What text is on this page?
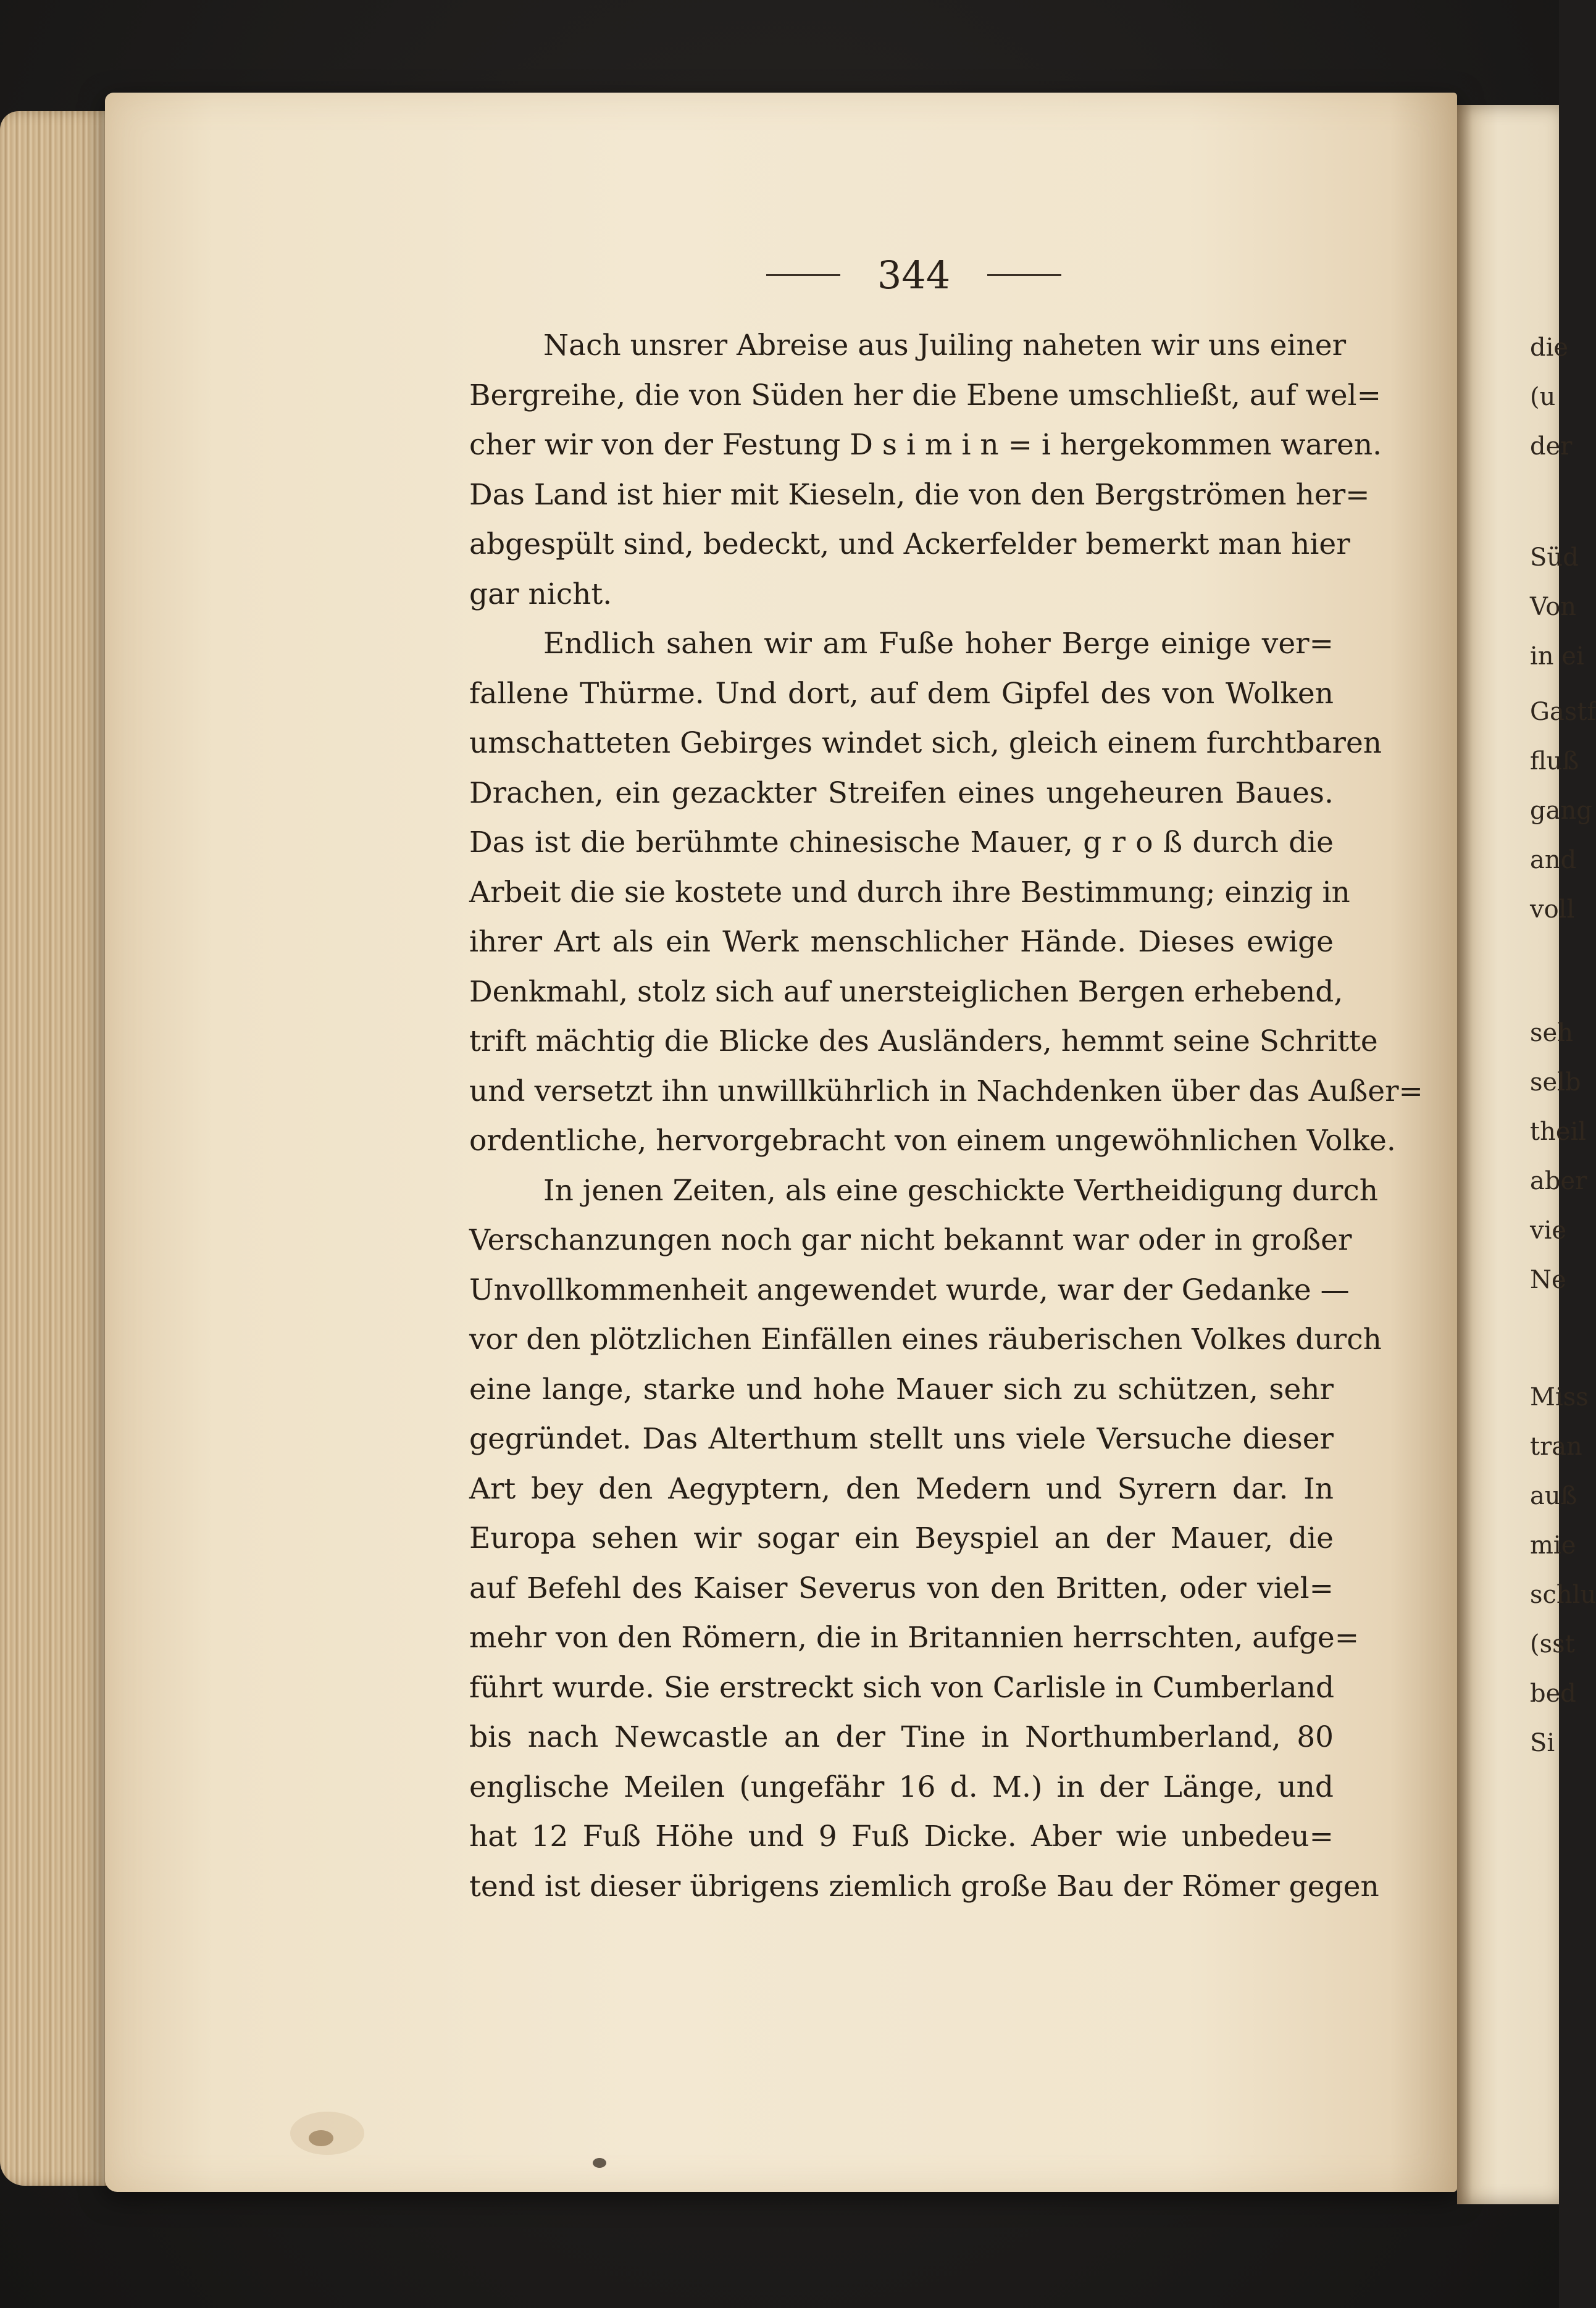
die
(u
der
Süd
Von
in ei
Gastf
fluß
gang
and
voll
seh
selb
theil
aber
vie
Ne
Miss
tran
auß
mie
schlu
(sst
bed
Si
344
Nach unsrer Abreise aus Juiling naheten wir uns einer
Bergreihe, die von Süden her die Ebene umschließt, auf wel=
cher wir von der Festung D s i m i n = i hergekommen waren.
Das Land ist hier mit Kieseln, die von den Bergströmen her=
abgespült sind, bedeckt, und Ackerfelder bemerkt man hier
gar nicht.
Endlich sahen wir am Fuße hoher Berge einige ver=
fallene Thürme. Und dort, auf dem Gipfel des von Wolken
umschatteten Gebirges windet sich, gleich einem furchtbaren
Drachen, ein gezackter Streifen eines ungeheuren Baues.
Das ist die berühmte chinesische Mauer, g r o ß durch die
Arbeit die sie kostete und durch ihre Bestimmung; einzig in
ihrer Art als ein Werk menschlicher Hände. Dieses ewige
Denkmahl, stolz sich auf unersteiglichen Bergen erhebend,
trift mächtig die Blicke des Ausländers, hemmt seine Schritte
und versetzt ihn unwillkührlich in Nachdenken über das Außer=
ordentliche, hervorgebracht von einem ungewöhnlichen Volke.
In jenen Zeiten, als eine geschickte Vertheidigung durch
Verschanzungen noch gar nicht bekannt war oder in großer
Unvollkommenheit angewendet wurde, war der Gedanke —
vor den plötzlichen Einfällen eines räuberischen Volkes durch
eine lange, starke und hohe Mauer sich zu schützen, sehr
gegründet. Das Alterthum stellt uns viele Versuche dieser
Art bey den Aegyptern, den Medern und Syrern dar. In
Europa sehen wir sogar ein Beyspiel an der Mauer, die
auf Befehl des Kaiser Severus von den Britten, oder viel=
mehr von den Römern, die in Britannien herrschten, aufge=
führt wurde. Sie erstreckt sich von Carlisle in Cumberland
bis nach Newcastle an der Tine in Northumberland, 80
englische Meilen (ungefähr 16 d. M.) in der Länge, und
hat 12 Fuß Höhe und 9 Fuß Dicke. Aber wie unbedeu=
tend ist dieser übrigens ziemlich große Bau der Römer gegen
